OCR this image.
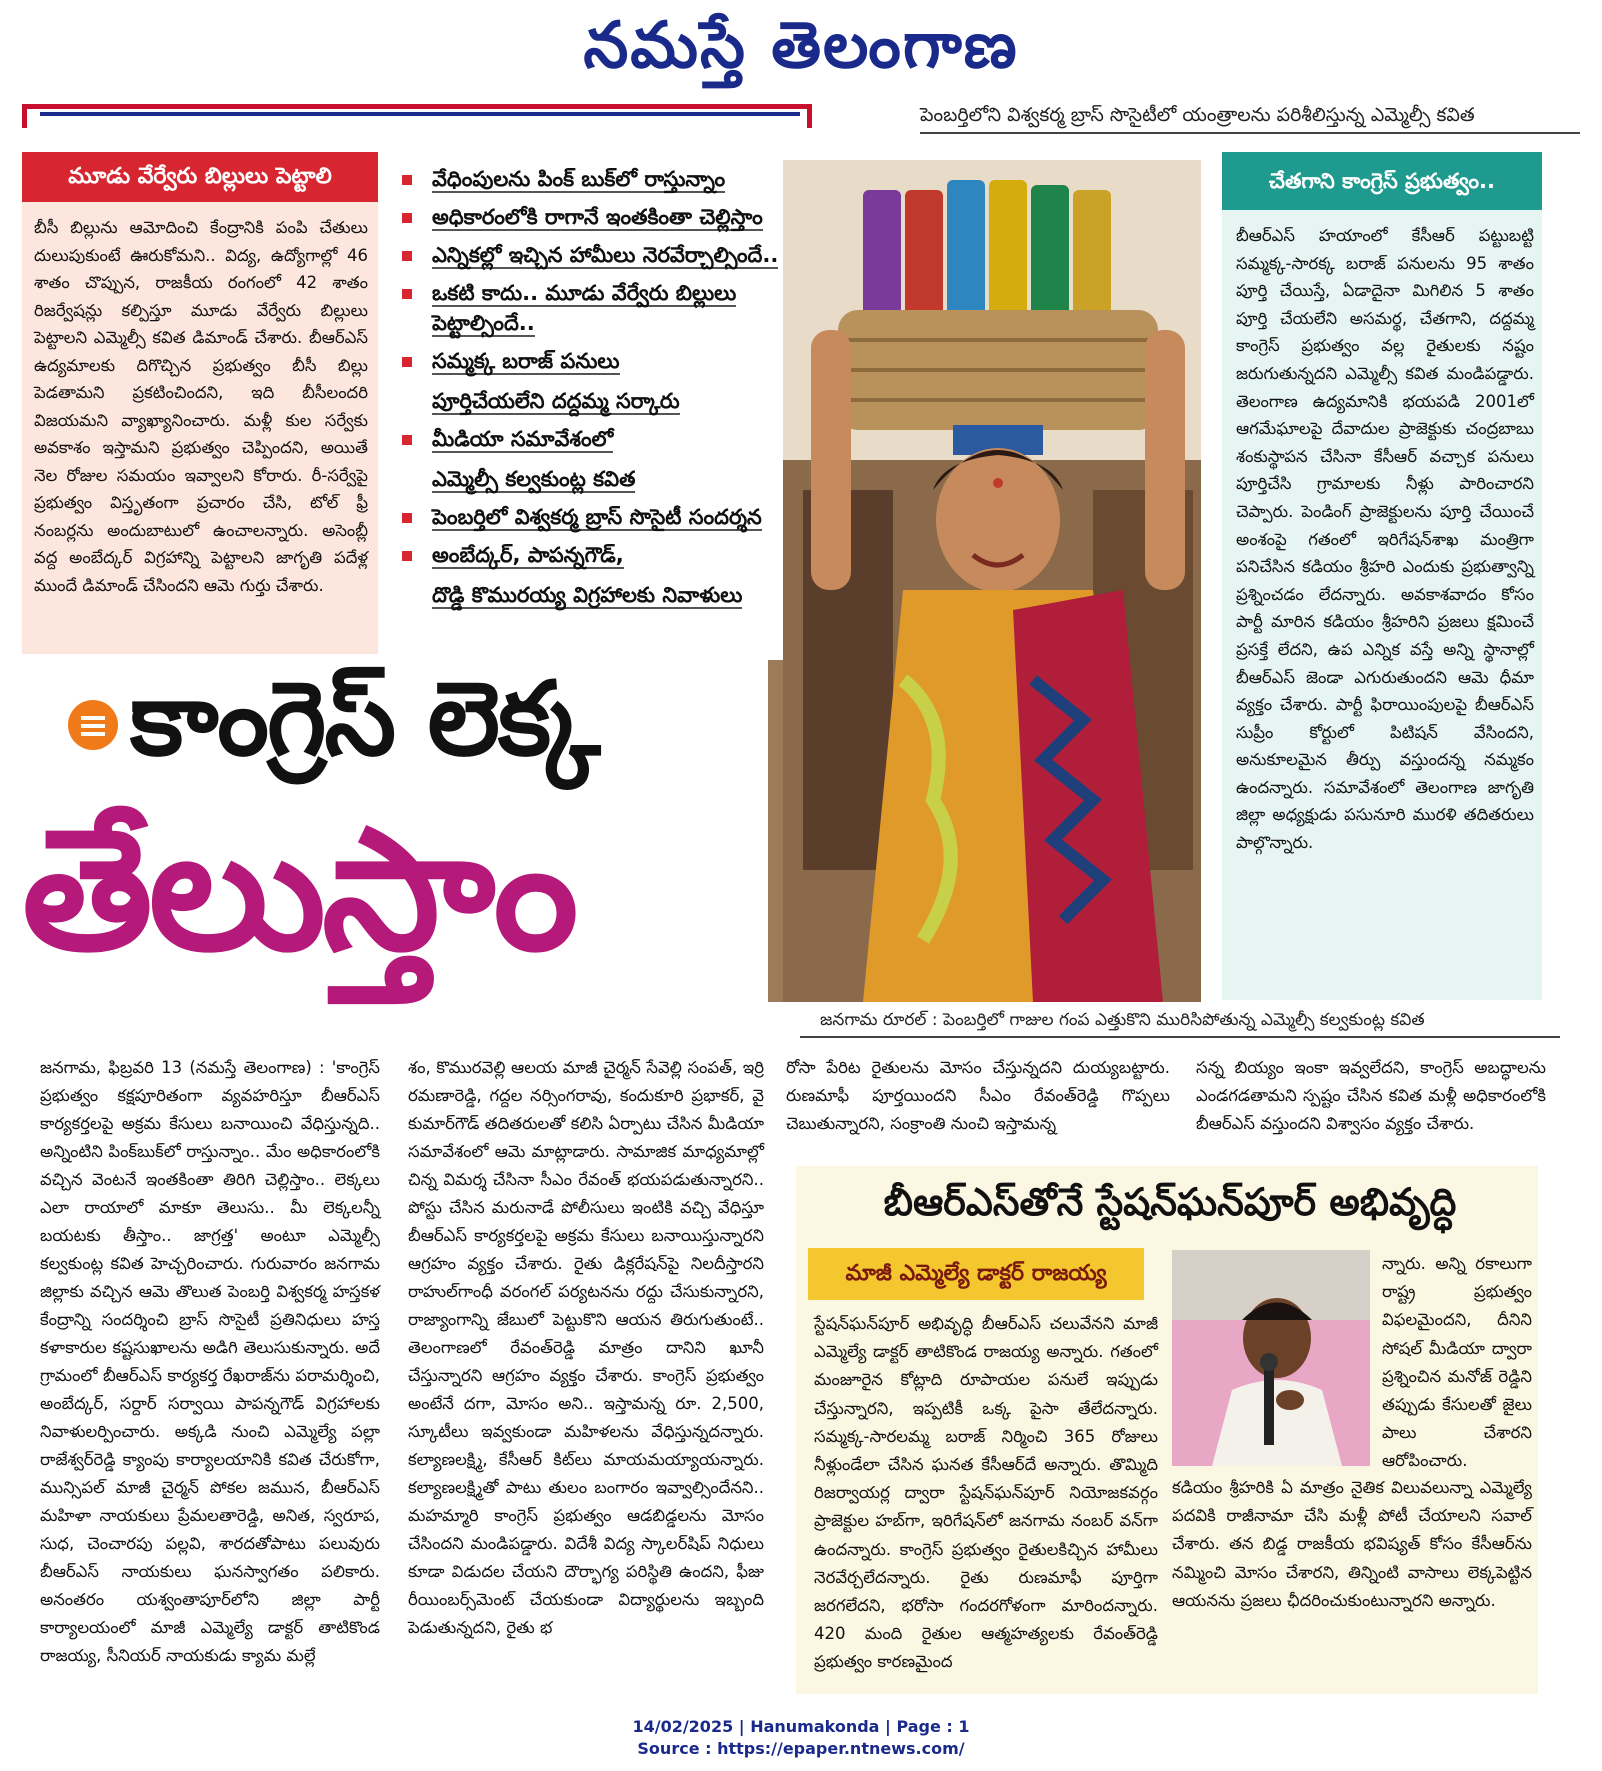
నమస్తే తెలంగాణ
పెంబర్తిలోని విశ్వకర్మ బ్రాస్ సొసైటీలో యంత్రాలను పరిశీలిస్తున్న ఎమ్మెల్సీ కవిత
మూడు వేర్వేరు బిల్లులు పెట్టాలి
బీసీ బిల్లును ఆమోదించి కేంద్రానికి పంపి చేతులు దులుపుకుంటే ఊరుకోమని.. విద్య, ఉద్యోగాల్లో 46 శాతం చొప్పున, రాజకీయ రంగంలో 42 శాతం రిజర్వేషన్లు కల్పిస్తూ మూడు వేర్వేరు బిల్లులు పెట్టాలని ఎమ్మెల్సీ కవిత డిమాండ్ చేశారు. బీఆర్ఎస్ ఉద్యమాలకు దిగొచ్చిన ప్రభుత్వం బీసీ బిల్లు పెడతామని ప్రకటించిందని, ఇది బీసీలందరి విజయమని వ్యాఖ్యానించారు. మళ్లీ కుల సర్వేకు అవకాశం ఇస్తామని ప్రభుత్వం చెప్పిందని, అయితే నెల రోజుల సమయం ఇవ్వాలని కోరారు. రీ-సర్వేపై ప్రభుత్వం విస్తృతంగా ప్రచారం చేసి, టోల్ ఫ్రీ నంబర్లను అందుబాటులో ఉంచాలన్నారు. అసెంబ్లీ వద్ద అంబేద్కర్ విగ్రహాన్ని పెట్టాలని జాగృతి పదేళ్ల ముందే డిమాండ్ చేసిందని ఆమె గుర్తు చేశారు.
వేధింపులను పింక్ బుక్‌లో రాస్తున్నాం
అధికారంలోకి రాగానే ఇంతకింతా చెల్లిస్తాం
ఎన్నికల్లో ఇచ్చిన హామీలు నెరవేర్చాల్సిందే..
ఒకటి కాదు.. మూడు వేర్వేరు బిల్లులు పెట్టాల్సిందే..
సమ్మక్క బరాజ్ పనులు
పూర్తిచేయలేని దద్దమ్మ సర్కారు
మీడియా సమావేశంలో
ఎమ్మెల్సీ కల్వకుంట్ల కవిత
పెంబర్తిలో విశ్వకర్మ బ్రాస్ సొసైటీ సందర్శన
అంబేద్కర్, పాపన్నగౌడ్,
దొడ్డి కొమురయ్య విగ్రహాలకు నివాళులు
చేతగాని కాంగ్రెస్ ప్రభుత్వం..
బీఆర్ఎస్ హయాంలో కేసీఆర్ పట్టుబట్టి సమ్మక్క-సారక్క బరాజ్ పనులను 95 శాతం పూర్తి చేయిస్తే, ఏడాదైనా మిగిలిన 5 శాతం పూర్తి చేయలేని అసమర్థ, చేతగాని, దద్దమ్మ కాంగ్రెస్ ప్రభుత్వం వల్ల రైతులకు నష్టం జరుగుతున్నదని ఎమ్మెల్సీ కవిత మండిపడ్డారు. తెలంగాణ ఉద్యమానికి భయపడి 2001లో ఆగమేఘాలపై దేవాదుల ప్రాజెక్టుకు చంద్రబాబు శంకుస్థాపన చేసినా కేసీఆర్ వచ్చాక పనులు పూర్తిచేసి గ్రామాలకు నీళ్లు పారించారని చెప్పారు. పెండింగ్ ప్రాజెక్టులను పూర్తి చేయించే అంశంపై గతంలో ఇరిగేషన్‌శాఖ మంత్రిగా పనిచేసిన కడియం శ్రీహరి ఎందుకు ప్రభుత్వాన్ని ప్రశ్నించడం లేదన్నారు. అవకాశవాదం కోసం పార్టీ మారిన కడియం శ్రీహరిని ప్రజలు క్షమించే ప్రసక్తే లేదని, ఉప ఎన్నిక వస్తే అన్ని స్థానాల్లో బీఆర్ఎస్ జెండా ఎగురుతుందని ఆమె ధీమా వ్యక్తం చేశారు. పార్టీ ఫిరాయింపులపై బీఆర్ఎస్ సుప్రీం కోర్టులో పిటిషన్ వేసిందని, అనుకూలమైన తీర్పు వస్తుందన్న నమ్మకం ఉందన్నారు. సమావేశంలో తెలంగాణ జాగృతి జిల్లా అధ్యక్షుడు పసునూరి మురళి తదితరులు పాల్గొన్నారు.
కాంగ్రెస్ లెక్క
తేలుస్తాం
జనగామ రూరల్ : పెంబర్తిలో గాజుల గంప ఎత్తుకొని మురిసిపోతున్న ఎమ్మెల్సీ కల్వకుంట్ల కవిత
జనగామ, ఫిబ్రవరి 13 (నమస్తే తెలంగాణ) : 'కాంగ్రెస్ ప్రభుత్వం కక్షపూరితంగా వ్యవహరిస్తూ బీఆర్ఎస్ కార్యకర్తలపై అక్రమ కేసులు బనాయించి వేధిస్తున్నది.. అన్నింటిని పింక్‌బుక్‌లో రాస్తున్నాం.. మేం అధికారంలోకి వచ్చిన వెంటనే ఇంతకింతా తిరిగి చెల్లిస్తాం.. లెక్కలు ఎలా రాయాలో మాకూ తెలుసు.. మీ లెక్కలన్నీ బయటకు తీస్తాం.. జాగ్రత్త' అంటూ ఎమ్మెల్సీ కల్వకుంట్ల కవిత హెచ్చరించారు. గురువారం జనగామ జిల్లాకు వచ్చిన ఆమె తొలుత పెంబర్తి విశ్వకర్మ హస్తకళ కేంద్రాన్ని సందర్శించి బ్రాస్ సొసైటీ ప్రతినిధులు హస్త కళాకారుల కష్టసుఖాలను అడిగి తెలుసుకున్నారు. అదే గ్రామంలో బీఆర్ఎస్ కార్యకర్త రేఖరాజ్‌ను పరామర్శించి, అంబేద్కర్, సర్దార్ సర్వాయి పాపన్నగౌడ్ విగ్రహాలకు నివాళులర్పించారు. అక్కడి నుంచి ఎమ్మెల్యే పల్లా రాజేశ్వర్‌రెడ్డి క్యాంపు కార్యాలయానికి కవిత చేరుకోగా, మున్సిపల్ మాజీ చైర్మన్ పోకల జమున, బీఆర్ఎస్ మహిళా నాయకులు ప్రేమలతారెడ్డి, అనిత, స్వరూప, సుధ, చెంచారపు పల్లవి, శారదతోపాటు పలువురు బీఆర్ఎస్ నాయకులు ఘనస్వాగతం పలికారు. అనంతరం యశ్వంతాపూర్‌లోని జిల్లా పార్టీ కార్యాలయంలో మాజీ ఎమ్మెల్యే డాక్టర్ తాటికొండ రాజయ్య, సీనియర్ నాయకుడు క్యామ మల్లే
శం, కొమురవెల్లి ఆలయ మాజీ చైర్మన్ సేవెల్లి సంపత్, ఇర్రి రమణారెడ్డి, గద్దల నర్సింగరావు, కందుకూరి ప్రభాకర్, వై కుమార్‌గౌడ్ తదితరులతో కలిసి ఏర్పాటు చేసిన మీడియా సమావేశంలో ఆమె మాట్లాడారు. సామాజిక మాధ్యమాల్లో చిన్న విమర్శ చేసినా సీఎం రేవంత్ భయపడుతున్నారని.. పోస్టు చేసిన మరునాడే పోలీసులు ఇంటికి వచ్చి వేధిస్తూ బీఆర్ఎస్ కార్యకర్తలపై అక్రమ కేసులు బనాయిస్తున్నారని ఆగ్రహం వ్యక్తం చేశారు. రైతు డిక్లరేషన్‌పై నిలదీస్తారని రాహుల్‌గాంధీ వరంగల్ పర్యటనను రద్దు చేసుకున్నారని, రాజ్యాంగాన్ని జేబులో పెట్టుకొని ఆయన తిరుగుతుంటే.. తెలంగాణలో రేవంత్‌రెడ్డి మాత్రం దానిని ఖూనీ చేస్తున్నారని ఆగ్రహం వ్యక్తం చేశారు. కాంగ్రెస్ ప్రభుత్వం అంటేనే దగా, మోసం అని.. ఇస్తామన్న రూ. 2,500, స్కూటీలు ఇవ్వకుండా మహిళలను వేధిస్తున్నదన్నారు. కల్యాణలక్ష్మి, కేసీఆర్ కిట్‌లు మాయమయ్యాయన్నారు. కల్యాణలక్ష్మితో పాటు తులం బంగారం ఇవ్వాల్సిందేనని.. మహమ్మారి కాంగ్రెస్ ప్రభుత్వం ఆడబిడ్డలను మోసం చేసిందని మండిపడ్డారు. విదేశీ విద్య స్కాలర్‌షిప్ నిధులు కూడా విడుదల చేయని దౌర్భాగ్య పరిస్థితి ఉందని, ఫీజు రీయింబర్స్‌మెంట్ చేయకుండా విద్యార్థులను ఇబ్బంది పెడుతున్నదని, రైతు భ
రోసా పేరిట రైతులను మోసం చేస్తున్నదని దుయ్యబట్టారు. రుణమాఫీ పూర్తయిందని సీఎం రేవంత్‌రెడ్డి గొప్పలు చెబుతున్నారని, సంక్రాంతి నుంచి ఇస్తామన్న
సన్న బియ్యం ఇంకా ఇవ్వలేదని, కాంగ్రెస్ అబద్ధాలను ఎండగడతామని స్పష్టం చేసిన కవిత మళ్లీ అధికారంలోకి బీఆర్ఎస్ వస్తుందని విశ్వాసం వ్యక్తం చేశారు.
బీఆర్ఎస్‌తోనే స్టేషన్‌ఘన్‌పూర్ అభివృద్ధి
మాజీ ఎమ్మెల్యే డాక్టర్ రాజయ్య
స్టేషన్‌ఘన్‌పూర్ అభివృద్ధి బీఆర్ఎస్ చలువేనని మాజీ ఎమ్మెల్యే డాక్టర్ తాటికొండ రాజయ్య అన్నారు. గతంలో మంజూరైన కోట్లాది రూపాయల పనులే ఇప్పుడు చేస్తున్నారని, ఇప్పటికీ ఒక్క పైసా తేలేదన్నారు. సమ్మక్క-సారలమ్మ బరాజ్ నిర్మించి 365 రోజులు నీళ్లుండేలా చేసిన ఘనత కేసీఆర్‌దే అన్నారు. తొమ్మిది రిజర్వాయర్ల ద్వారా స్టేషన్‌ఘన్‌పూర్ నియోజకవర్గం ప్రాజెక్టుల హబ్‌గా, ఇరిగేషన్‌లో జనగామ నంబర్ వన్‌గా ఉందన్నారు. కాంగ్రెస్ ప్రభుత్వం రైతులకిచ్చిన హామీలు నెరవేర్చలేదన్నారు. రైతు రుణమాఫీ పూర్తిగా జరగలేదని, భరోసా గందరగోళంగా మారిందన్నారు. 420 మంది రైతుల ఆత్మహత్యలకు రేవంత్‌రెడ్డి ప్రభుత్వం కారణమైంద
న్నారు. అన్ని రకాలుగా రాష్ట్ర ప్రభుత్వం విఫలమైందని, దీనిని సోషల్ మీడియా ద్వారా ప్రశ్నించిన మనోజ్ రెడ్డిని తప్పుడు కేసులతో జైలు పాలు చేశారని ఆరోపించారు.
కడియం శ్రీహరికి ఏ మాత్రం నైతిక విలువలున్నా ఎమ్మెల్యే పదవికి రాజీనామా చేసి మళ్లీ పోటీ చేయాలని సవాల్ చేశారు. తన బిడ్డ రాజకీయ భవిష్యత్ కోసం కేసీఆర్‌ను నమ్మించి మోసం చేశారని, తిన్నింటి వాసాలు లెక్కపెట్టిన ఆయనను ప్రజలు ఛీదరించుకుంటున్నారని అన్నారు.
14/02/2025 | Hanumakonda | Page : 1
Source : https://epaper.ntnews.com/
